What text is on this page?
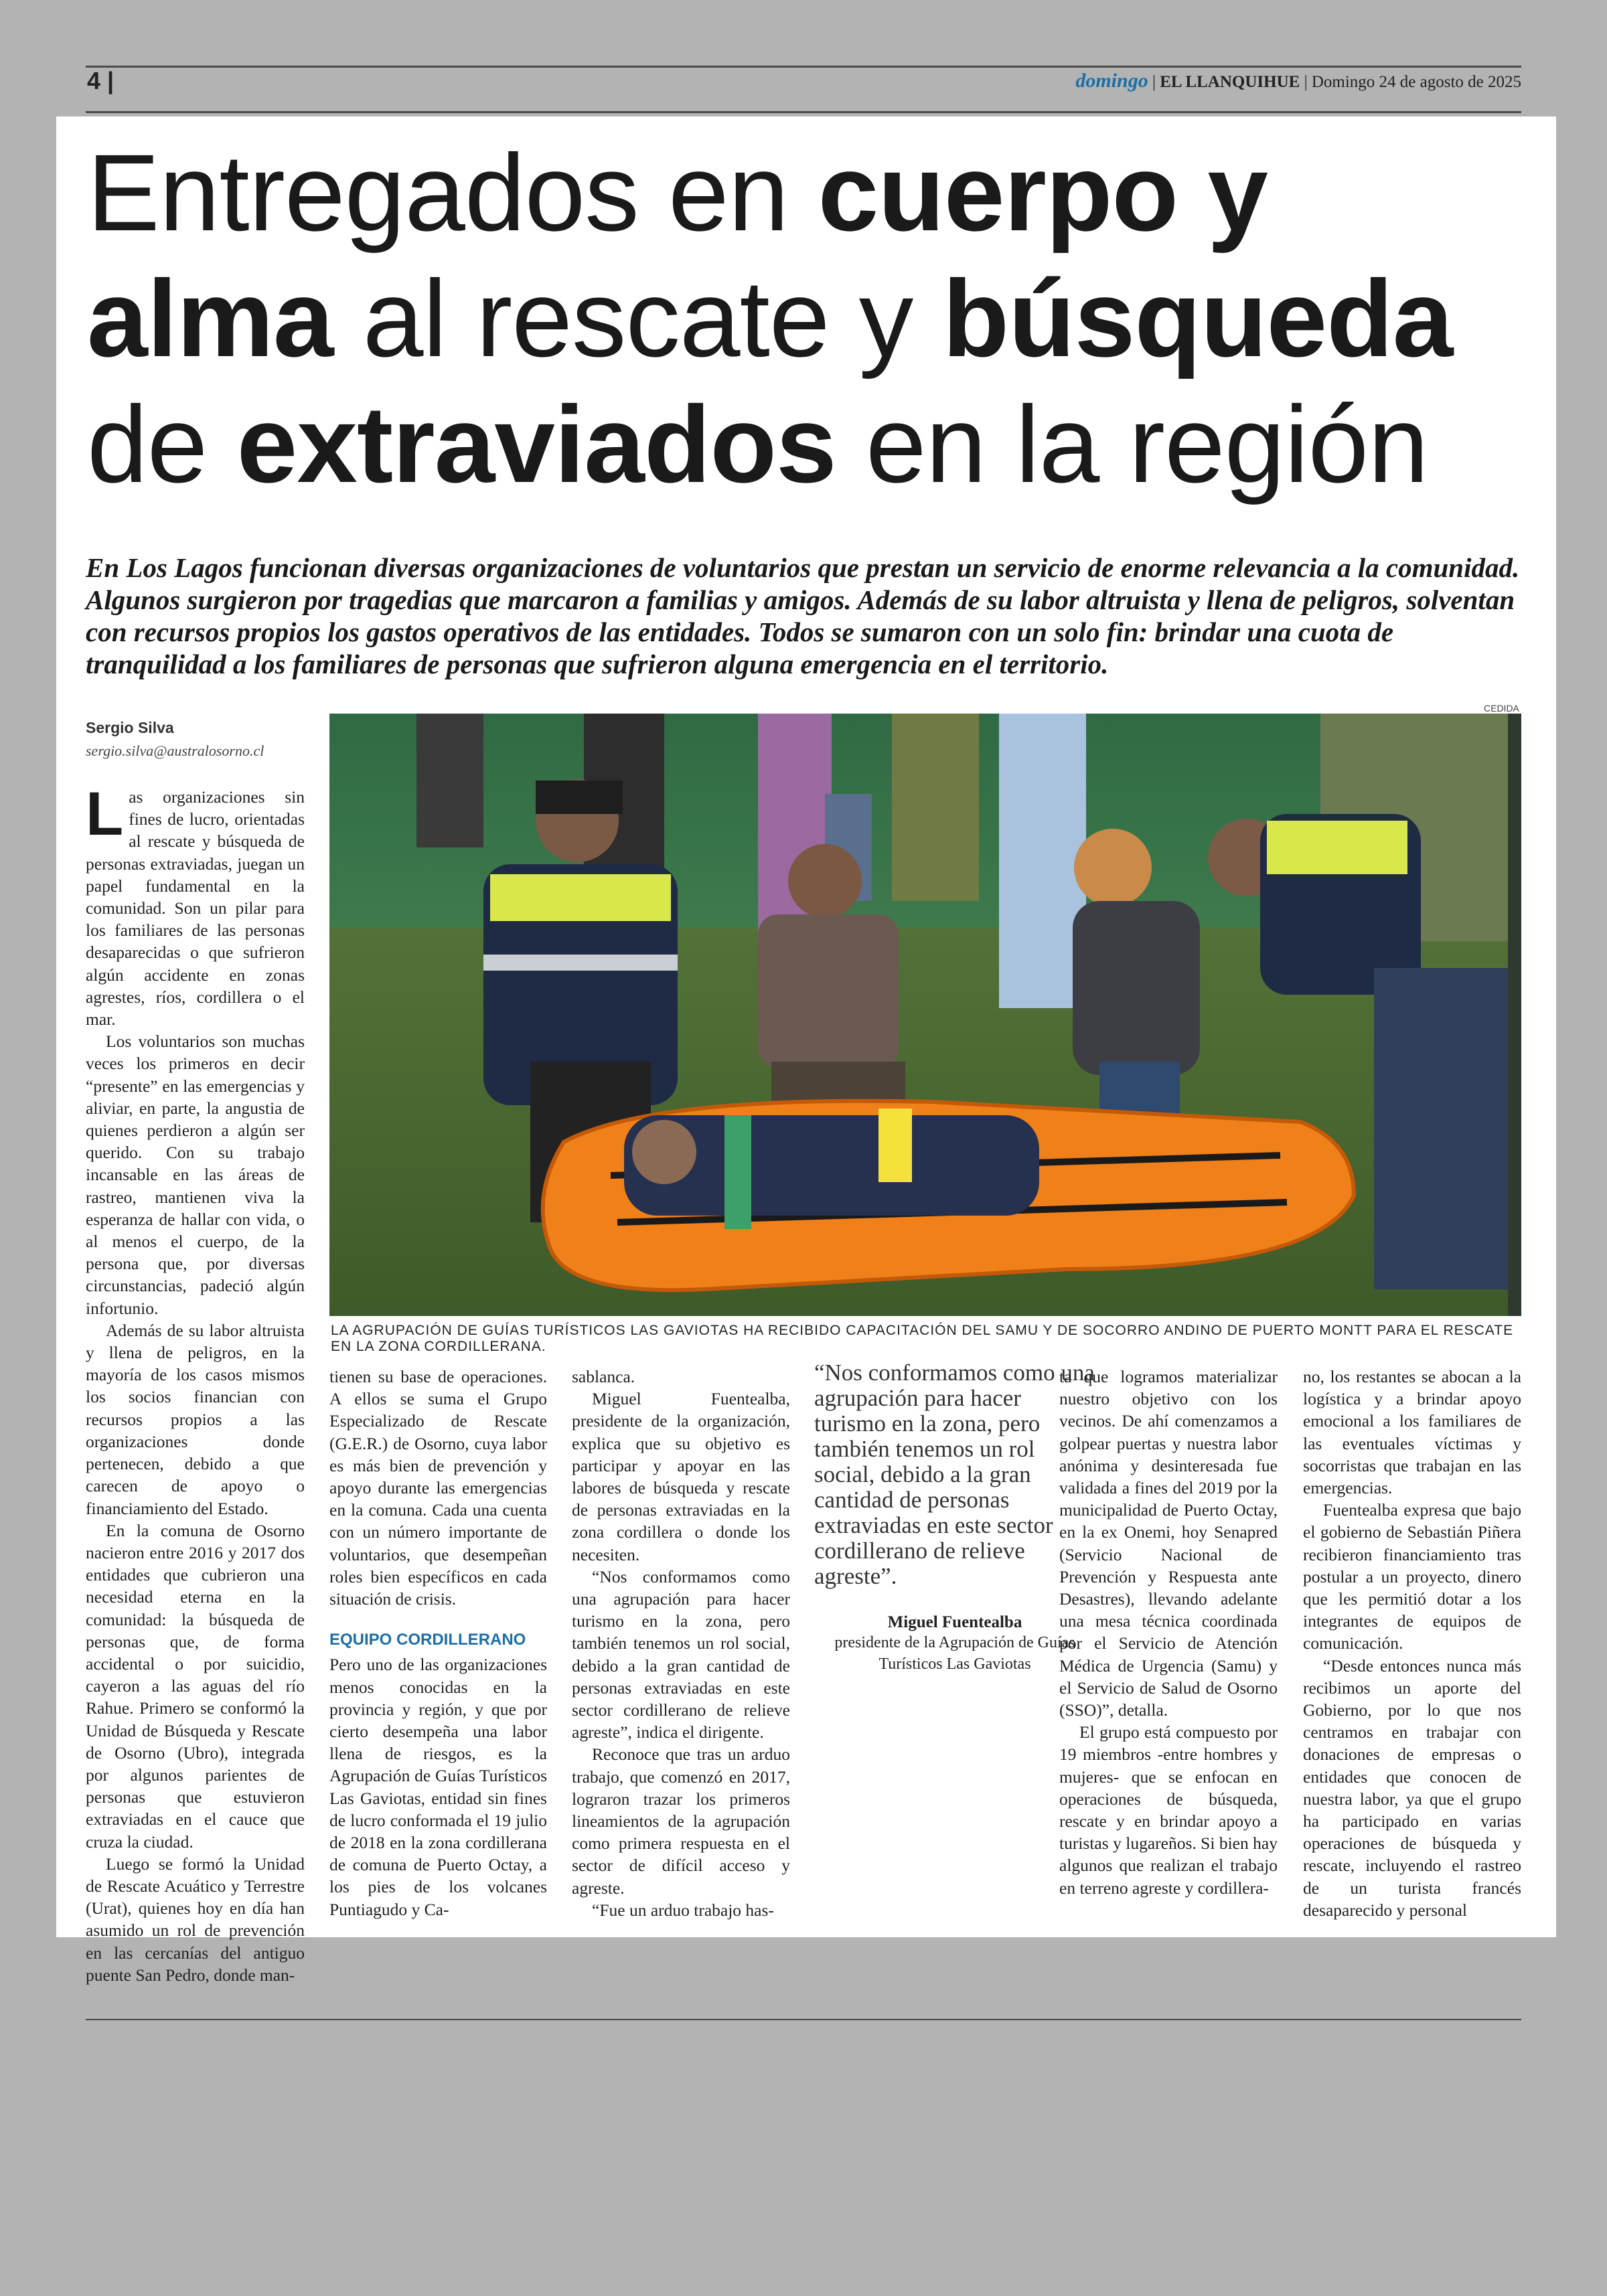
4 |	domingo | EL LLANQUIHUE | Domingo 24 de agosto de 2025
Entregados en cuerpo y
alma al rescate y búsqueda
de extraviados en la región
En Los Lagos funcionan diversas organizaciones de voluntarios que prestan un servicio de enorme relevancia a la comunidad. Algunos surgieron por tragedias que marcaron a familias y amigos. Además de su labor altruista y llena de peligros, solventan con recursos propios los gastos operativos de las entidades. Todos se sumaron con un solo fin: brindar una cuota de tranquilidad a los familiares de personas que sufrieron alguna emergencia en el territorio.
Sergio Silva
sergio.silva@australosorno.cl
CEDIDA
LA AGRUPACIÓN DE GUÍAS TURÍSTICOS LAS GAVIOTAS HA RECIBIDO CAPACITACIÓN DEL SAMU Y DE SOCORRO ANDINO DE PUERTO MONTT PARA EL RESCATE EN LA ZONA CORDILLERANA.

Las organizaciones sin fines de lucro, orientadas al rescate y búsqueda de personas extraviadas, juegan un papel fundamental en la comunidad. Son un pilar para los familiares de las personas desaparecidas o que sufrieron algún accidente en zonas agrestes, ríos, cordillera o el mar.

Los voluntarios son muchas veces los primeros en decir “presente” en las emergencias y aliviar, en parte, la angustia de quienes perdieron a algún ser querido. Con su trabajo incansable en las áreas de rastreo, mantienen viva la esperanza de hallar con vida, o al menos el cuerpo, de la persona que, por diversas circunstancias, padeció algún infortunio.

Además de su labor altruista y llena de peligros, en la mayoría de los casos mismos los socios financian con recursos propios a las organizaciones donde pertenecen, debido a que carecen de apoyo o financiamiento del Estado.

En la comuna de Osorno nacieron entre 2016 y 2017 dos entidades que cubrieron una necesidad eterna en la comunidad: la búsqueda de personas que, de forma accidental o por suicidio, cayeron a las aguas del río Rahue. Primero se conformó la Unidad de Búsqueda y Rescate de Osorno (Ubro), integrada por algunos parientes de personas que estuvieron extraviadas en el cauce que cruza la ciudad.

Luego se formó la Unidad de Rescate Acuático y Terrestre (Urat), quienes hoy en día han asumido un rol de prevención en las cercanías del antiguo puente San Pedro, donde man-

tienen su base de operaciones. A ellos se suma el Grupo Especializado de Rescate (G.E.R.) de Osorno, cuya labor es más bien de prevención y apoyo durante las emergencias en la comuna. Cada una cuenta con un número importante de voluntarios, que desempeñan roles bien específicos en cada situación de crisis.

EQUIPO CORDILLERANO

Pero uno de las organizaciones menos conocidas en la provincia y región, y que por cierto desempeña una labor llena de riesgos, es la Agrupación de Guías Turísticos Las Gaviotas, entidad sin fines de lucro conformada el 19 julio de 2018 en la zona cordillerana de comuna de Puerto Octay, a los pies de los volcanes Puntiagudo y Ca-

sablanca.

Miguel Fuentealba, presidente de la organización, explica que su objetivo es participar y apoyar en las labores de búsqueda y rescate de personas extraviadas en la zona cordillera o donde los necesiten.

“Nos conformamos como una agrupación para hacer turismo en la zona, pero también tenemos un rol social, debido a la gran cantidad de personas extraviadas en este sector cordillerano de relieve agreste”, indica el dirigente.

Reconoce que tras un arduo trabajo, que comenzó en 2017, lograron trazar los primeros lineamientos de la agrupación como primera respuesta en el sector de difícil acceso y agreste.

“Fue un arduo trabajo has-

“Nos conformamos como una agrupación para hacer turismo en la zona, pero también tenemos un rol social, debido a la gran cantidad de personas extraviadas en este sector cordillerano de relieve agreste”.
Miguel Fuentealba
presidente de la Agrupación de Guías Turísticos Las Gaviotas

ta que logramos materializar nuestro objetivo con los vecinos. De ahí comenzamos a golpear puertas y nuestra labor anónima y desinteresada fue validada a fines del 2019 por la municipalidad de Puerto Octay, en la ex Onemi, hoy Senapred (Servicio Nacional de Prevención y Respuesta ante Desastres), llevando adelante una mesa técnica coordinada por el Servicio de Atención Médica de Urgencia (Samu) y el Servicio de Salud de Osorno (SSO)”, detalla.

El grupo está compuesto por 19 miembros -entre hombres y mujeres- que se enfocan en operaciones de búsqueda, rescate y en brindar apoyo a turistas y lugareños. Si bien hay algunos que realizan el trabajo en terreno agreste y cordillera-

no, los restantes se abocan a la logística y a brindar apoyo emocional a los familiares de las eventuales víctimas y socorristas que trabajan en las emergencias.

Fuentealba expresa que bajo el gobierno de Sebastián Piñera recibieron financiamiento tras postular a un proyecto, dinero que les permitió dotar a los integrantes de equipos de comunicación.

“Desde entonces nunca más recibimos un aporte del Gobierno, por lo que nos centramos en trabajar con donaciones de empresas o entidades que conocen de nuestra labor, ya que el grupo ha participado en varias operaciones de búsqueda y rescate, incluyendo el rastreo de un turista francés desaparecido y personal
